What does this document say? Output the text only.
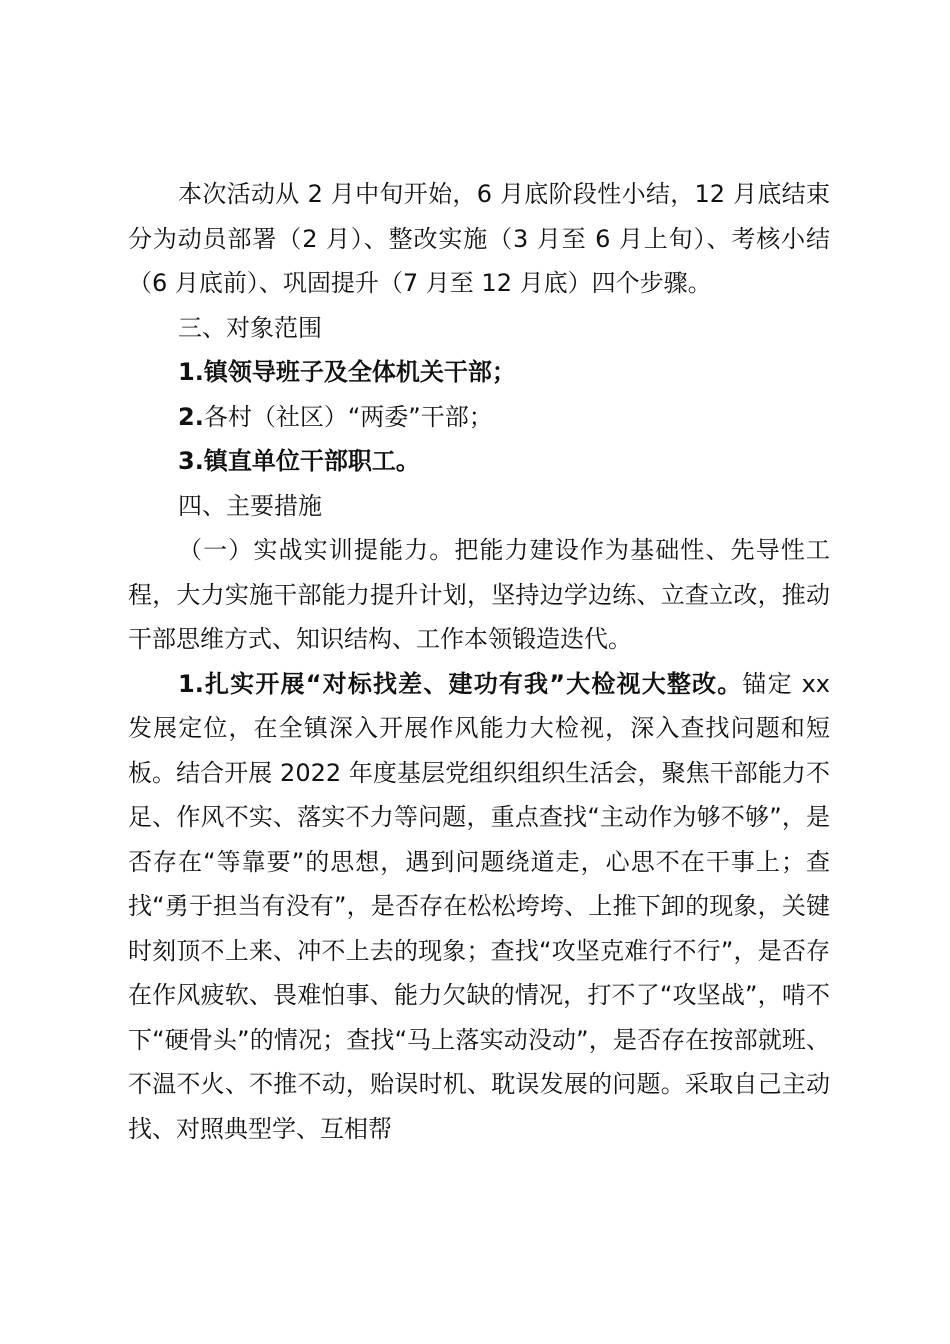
本次活动从 2 月中旬开始，6 月底阶段性小结，12 月底结束分为动员部署（2 月）、整改实施（3 月至 6 月上旬）、考核小结（6 月底前）、巩固提升（7 月至 12 月底）四个步骤。

三、对象范围

1.镇领导班子及全体机关干部；

2.各村（社区）“两委”干部；

3.镇直单位干部职工。

四、主要措施

（一）实战实训提能力。把能力建设作为基础性、先导性工程，大力实施干部能力提升计划，坚持边学边练、立查立改，推动干部思维方式、知识结构、工作本领锻造迭代。

1.扎实开展“对标找差、建功有我”大检视大整改。锚定 xx 发展定位，在全镇深入开展作风能力大检视，深入查找问题和短板。结合开展 2022 年度基层党组织组织生活会，聚焦干部能力不足、作风不实、落实不力等问题，重点查找“主动作为够不够”，是否存在“等靠要”的思想，遇到问题绕道走，心思不在干事上；查找“勇于担当有没有”，是否存在松松垮垮、上推下卸的现象，关键时刻顶不上来、冲不上去的现象；查找“攻坚克难行不行”，是否存在作风疲软、畏难怕事、能力欠缺的情况，打不了“攻坚战”，啃不下“硬骨头”的情况；查找“马上落实动没动”，是否存在按部就班、不温不火、不推不动，贻误时机、耽误发展的问题。采取自己主动找、对照典型学、互相帮
